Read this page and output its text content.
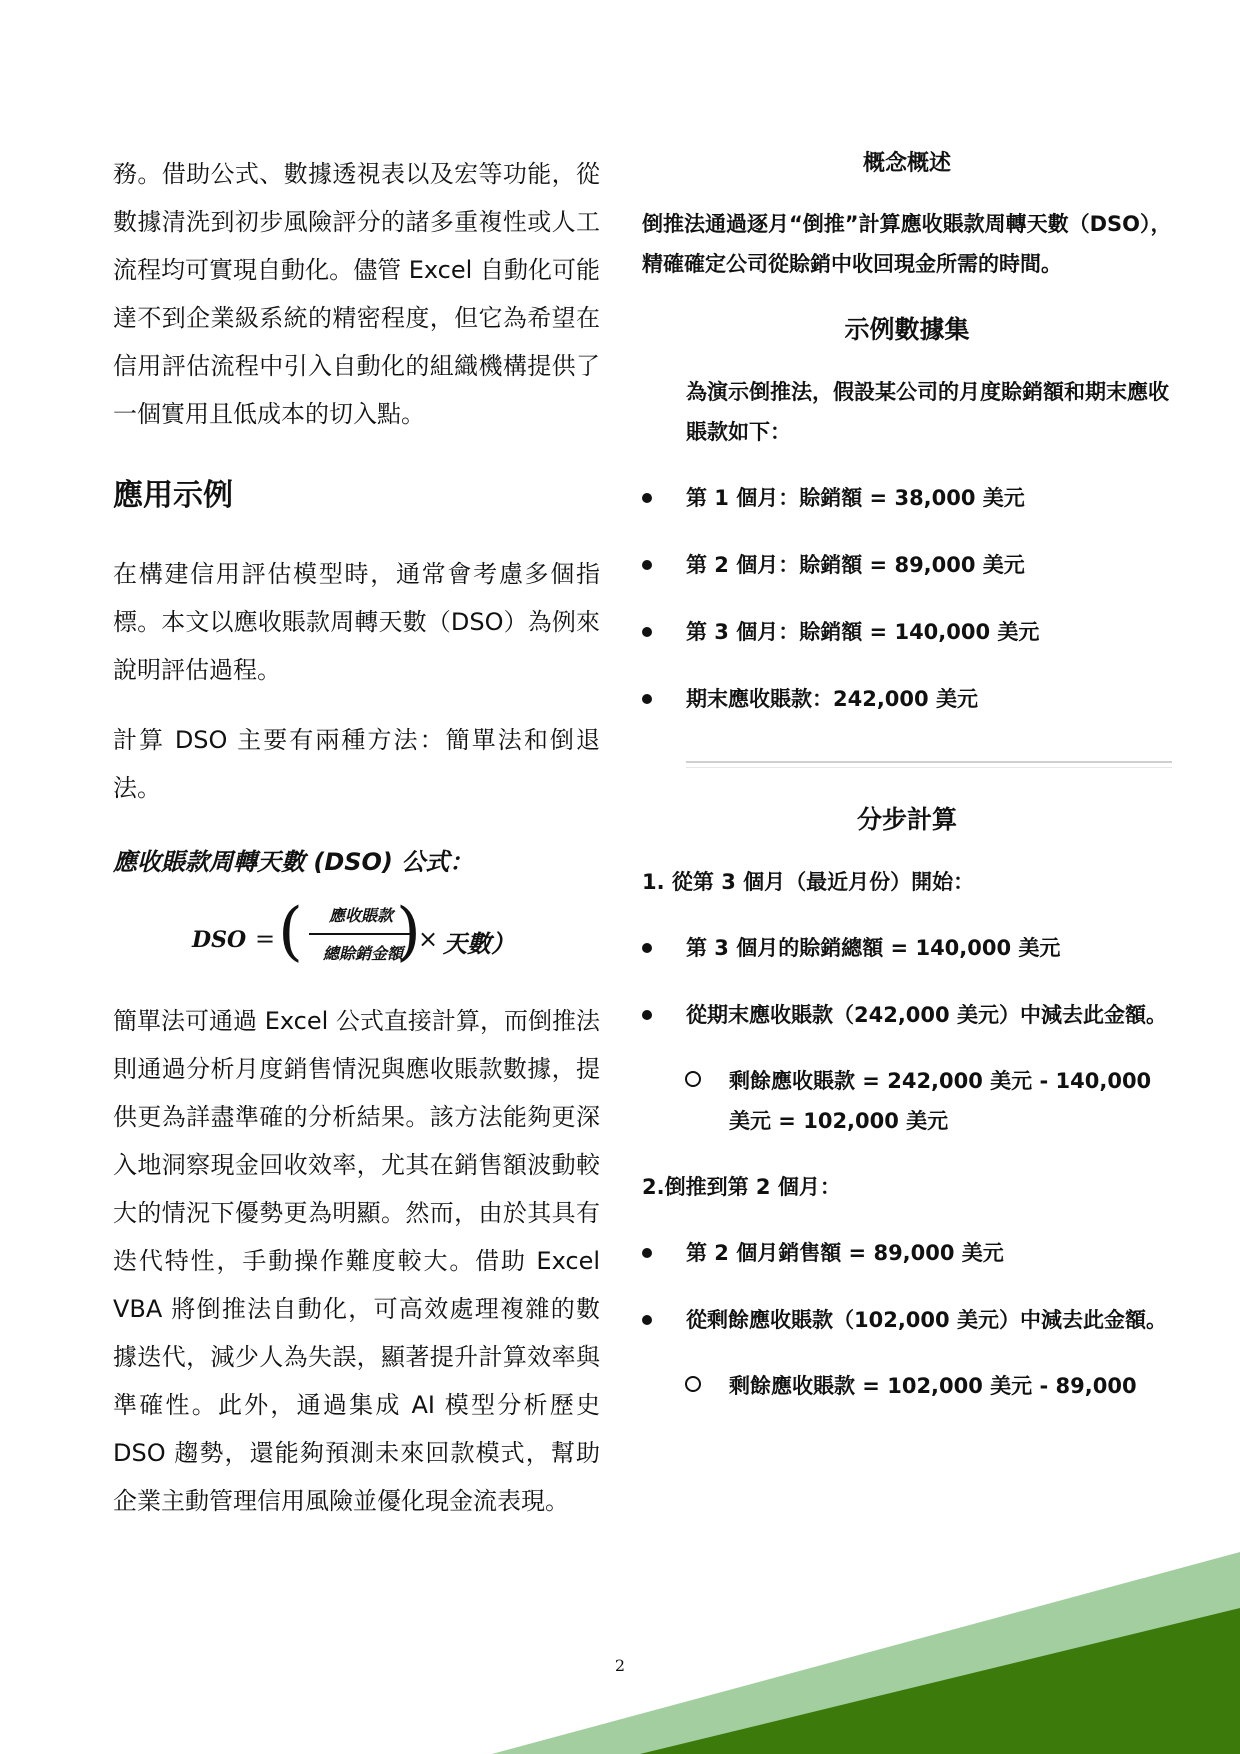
務。借助公式、數據透視表以及宏等功能，從數據清洗到初步風險評分的諸多重複性或人工流程均可實現自動化。儘管 Excel 自動化可能達不到企業級系統的精密程度，但它為希望在信用評估流程中引入自動化的組織機構提供了一個實用且低成本的切入點。

應用示例

在構建信用評估模型時，通常會考慮多個指標。本文以應收賬款周轉天數（DSO）為例來說明評估過程。

計算 DSO 主要有兩種方法：簡單法和倒退法。

應收賬款周轉天數 (DSO) 公式：

DSO = (	應收賬款
總賒銷金額
)
× 天數）

簡單法可通過 Excel 公式直接計算，而倒推法則通過分析月度銷售情況與應收賬款數據，提供更為詳盡準確的分析結果。該方法能夠更深入地洞察現金回收效率，尤其在銷售額波動較大的情況下優勢更為明顯。然而，由於其具有迭代特性，手動操作難度較大。借助 Excel VBA 將倒推法自動化，可高效處理複雜的數據迭代，減少人為失誤，顯著提升計算效率與準確性。此外，通過集成 AI 模型分析歷史 DSO 趨勢，還能夠預測未來回款模式，幫助企業主動管理信用風險並優化現金流表現。

概念概述

倒推法通過逐月“倒推”計算應收賬款周轉天數（DSO），精確確定公司從賒銷中收回現金所需的時間。

示例數據集

為演示倒推法，假設某公司的月度賒銷額和期末應收賬款如下：

第 1 個月：賒銷額 = 38,000 美元

第 2 個月：賒銷額 = 89,000 美元

第 3 個月：賒銷額 = 140,000 美元

期末應收賬款：242,000 美元

分步計算

1. 從第 3 個月（最近月份）開始：

第 3 個月的賒銷總額 = 140,000 美元

從期末應收賬款（242,000 美元）中減去此金額。

剩餘應收賬款 = 242,000 美元 - 140,000 美元 = 102,000 美元

2.倒推到第 2 個月：

第 2 個月銷售額 = 89,000 美元

從剩餘應收賬款（102,000 美元）中減去此金額。

剩餘應收賬款 = 102,000 美元 - 89,000

2
